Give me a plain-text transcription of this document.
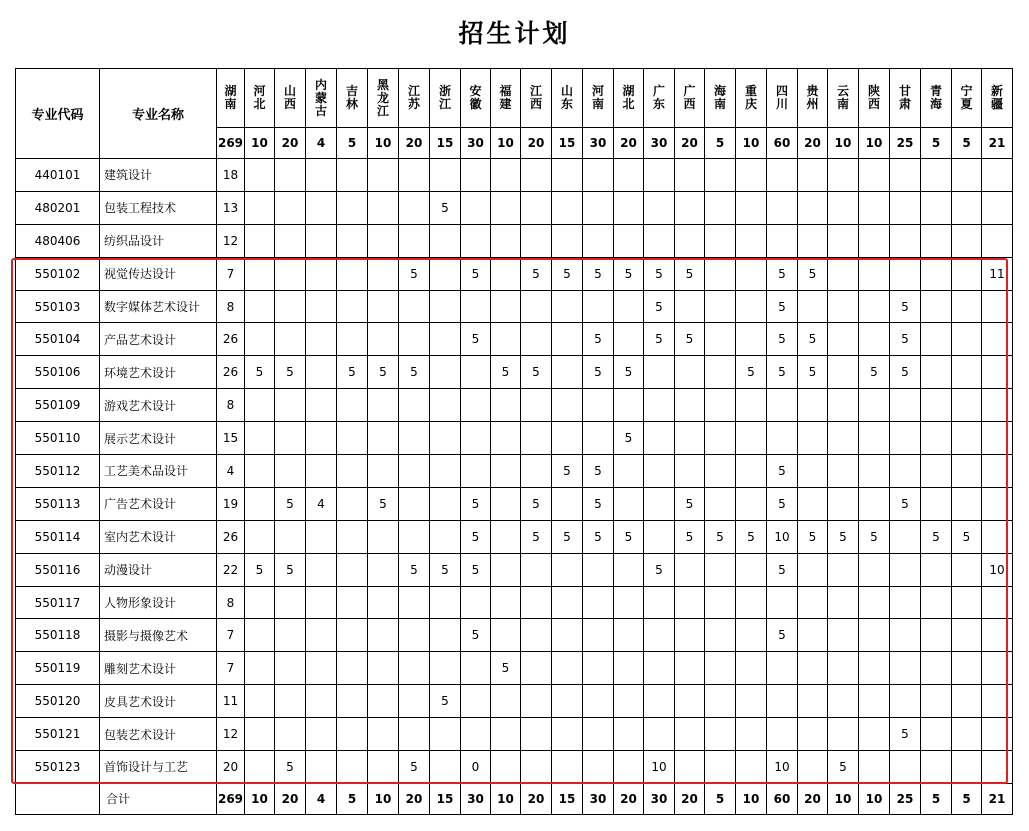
招生计划
专业代码	专业名称	湖南	河北	山西	内蒙古	吉林	黑龙江	江苏	浙江	安徽	福建	江西	山东	河南	湖北	广东	广西	海南	重庆	四川	贵州	云南	陕西	甘肃	青海	宁夏	新疆
		269	10	20	4	5	10	20	15	30	10	20	15	30	20	30	20	5	10	60	20	10	10	25	5	5	21
440101	建筑设计	18																									
480201	包装工程技术	13							5																		
480406	纺织品设计	12																									
550102	视觉传达设计	7						5		5		5	5	5	5	5	5			5	5						11
550103	数字媒体艺术设计	8														5				5				5			
550104	产品艺术设计	26								5				5		5	5			5	5			5			
550106	环境艺术设计	26	5	5		5	5	5			5	5		5	5				5	5	5		5	5			
550109	游戏艺术设计	8																									
550110	展示艺术设计	15													5												
550112	工艺美术品设计	4											5	5						5							
550113	广告艺术设计	19		5	4		5			5		5		5			5			5				5			
550114	室内艺术设计	26								5		5	5	5	5		5	5	5	10	5	5	5		5	5	
550116	动漫设计	22	5	5				5	5	5						5				5							10
550117	人物形象设计	8																									
550118	摄影与摄像艺术	7								5										5							
550119	雕刻艺术设计	7									5																
550120	皮具艺术设计	11							5																		
550121	包装艺术设计	12																						5			
550123	首饰设计与工艺	20		5				5		0						10				10		5					
	合计	269	10	20	4	5	10	20	15	30	10	20	15	30	20	30	20	5	10	60	20	10	10	25	5	5	21
